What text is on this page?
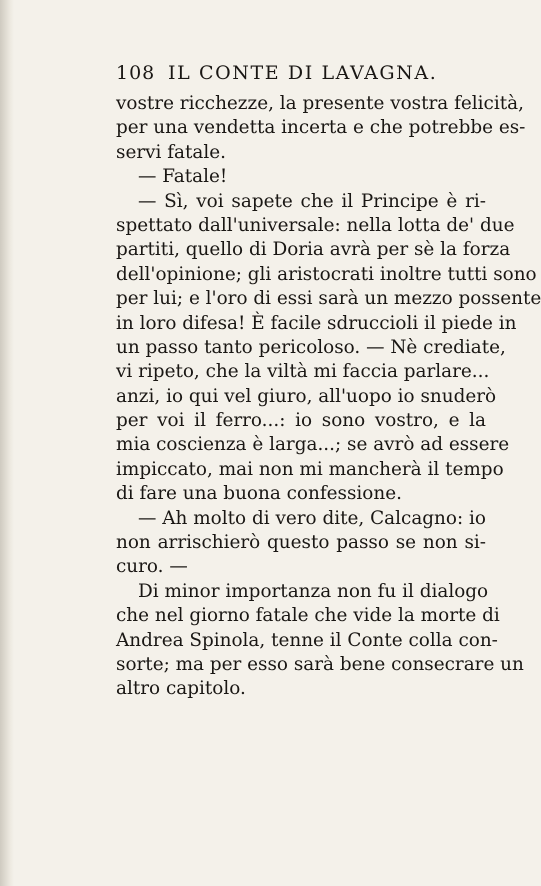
108 IL CONTE DI LAVAGNA.
vostre ricchezze, la presente vostra felicità,
per una vendetta incerta e che potrebbe es-
servi fatale.
— Fatale!
— Sì, voi sapete che il Principe è ri-
spettato dall'universale: nella lotta de' due
partiti, quello di Doria avrà per sè la forza
dell'opinione; gli aristocrati inoltre tutti sono
per lui; e l'oro di essi sarà un mezzo possente
in loro difesa! È facile sdruccioli il piede in
un passo tanto pericoloso. — Nè crediate,
vi ripeto, che la viltà mi faccia parlare...
anzi, io qui vel giuro, all'uopo io snuderò
per voi il ferro...: io sono vostro, e la
mia coscienza è larga...; se avrò ad essere
impiccato, mai non mi mancherà il tempo
di fare una buona confessione.
— Ah molto di vero dite, Calcagno: io
non arrischierò questo passo se non si-
curo. —
Di minor importanza non fu il dialogo
che nel giorno fatale che vide la morte di
Andrea Spinola, tenne il Conte colla con-
sorte; ma per esso sarà bene consecrare un
altro capitolo.
